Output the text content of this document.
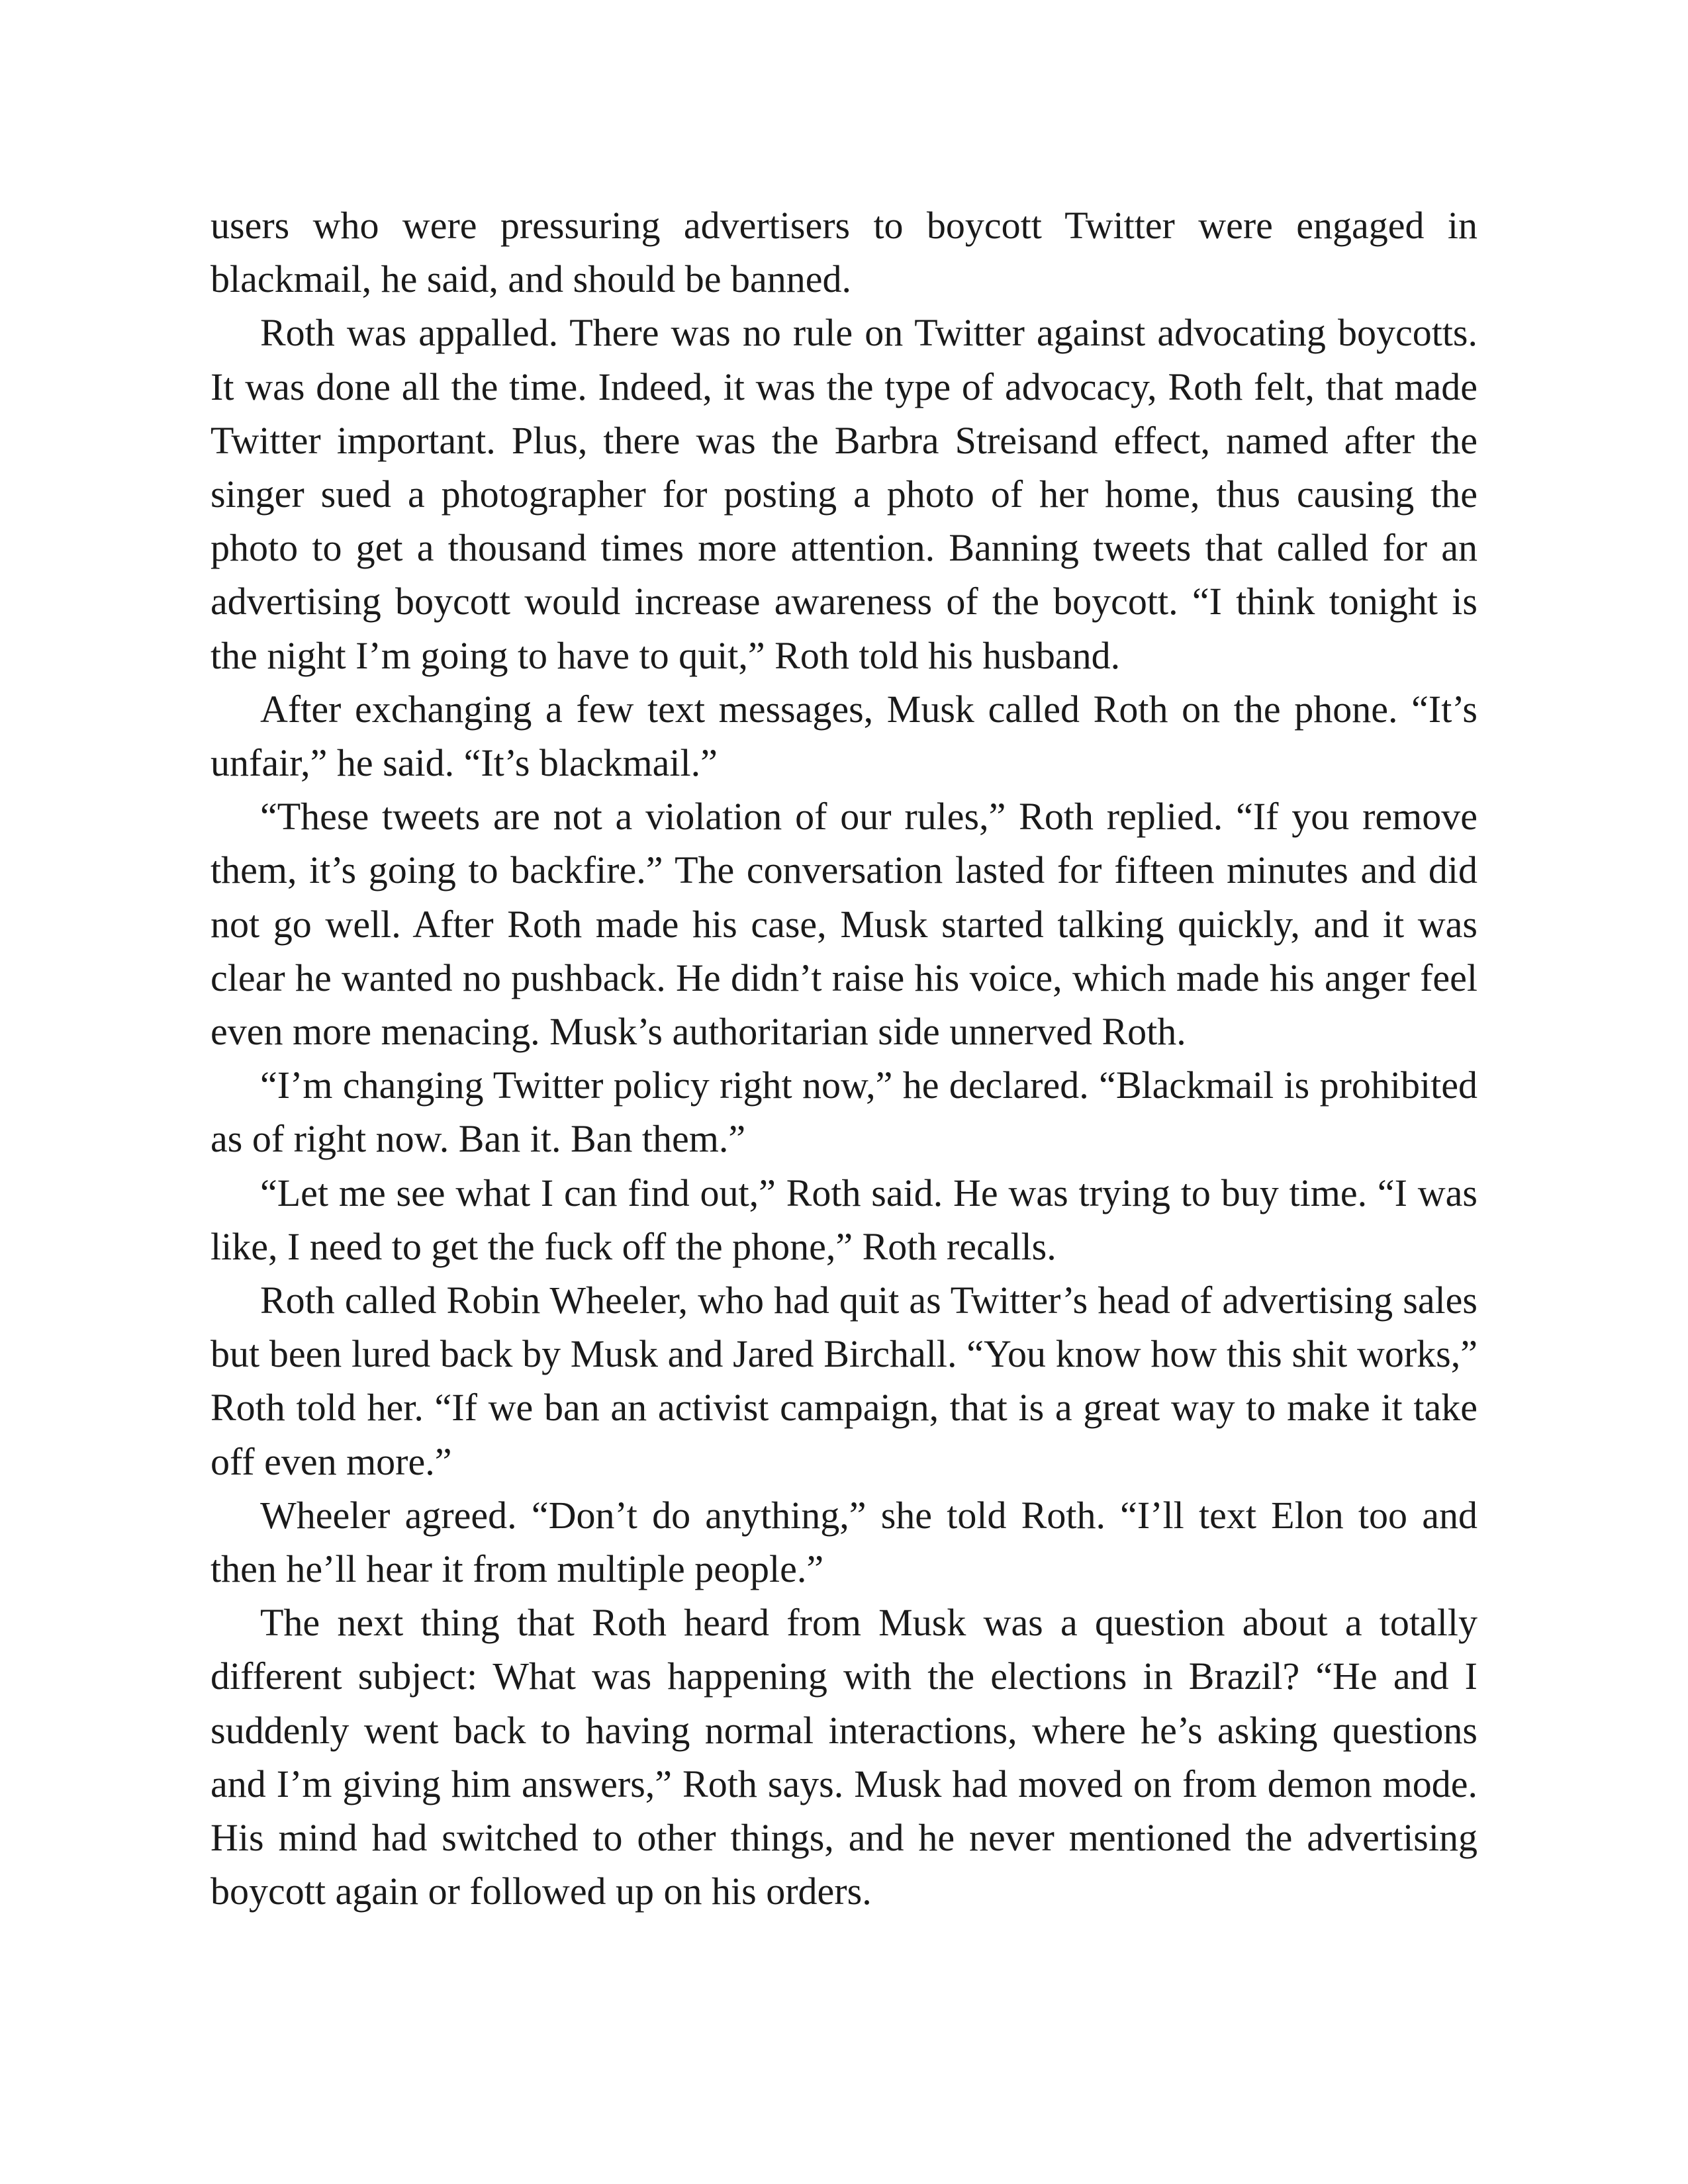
users who were pressuring advertisers to boycott Twitter were engaged in blackmail, he said, and should be banned.

Roth was appalled. There was no rule on Twitter against advocating boycotts. It was done all the time. Indeed, it was the type of advocacy, Roth felt, that made Twitter important. Plus, there was the Barbra Streisand effect, named after the singer sued a photographer for posting a photo of her home, thus causing the photo to get a thousand times more attention. Banning tweets that called for an advertising boycott would increase awareness of the boycott. “I think tonight is the night I’m going to have to quit,” Roth told his husband.

After exchanging a few text messages, Musk called Roth on the phone. “It’s unfair,” he said. “It’s blackmail.”

“These tweets are not a violation of our rules,” Roth replied. “If you remove them, it’s going to backfire.” The conversation lasted for fifteen minutes and did not go well. After Roth made his case, Musk started talking quickly, and it was clear he wanted no pushback. He didn’t raise his voice, which made his anger feel even more menacing. Musk’s authoritarian side unnerved Roth.

“I’m changing Twitter policy right now,” he declared. “Blackmail is prohibited as of right now. Ban it. Ban them.”

“Let me see what I can find out,” Roth said. He was trying to buy time. “I was like, I need to get the fuck off the phone,” Roth recalls.

Roth called Robin Wheeler, who had quit as Twitter’s head of advertising sales but been lured back by Musk and Jared Birchall. “You know how this shit works,” Roth told her. “If we ban an activist campaign, that is a great way to make it take off even more.”

Wheeler agreed. “Don’t do anything,” she told Roth. “I’ll text Elon too and then he’ll hear it from multiple people.”

The next thing that Roth heard from Musk was a question about a totally different subject: What was happening with the elections in Brazil? “He and I suddenly went back to having normal interactions, where he’s asking questions and I’m giving him answers,” Roth says. Musk had moved on from demon mode. His mind had switched to other things, and he never mentioned the advertising boycott again or followed up on his orders.
